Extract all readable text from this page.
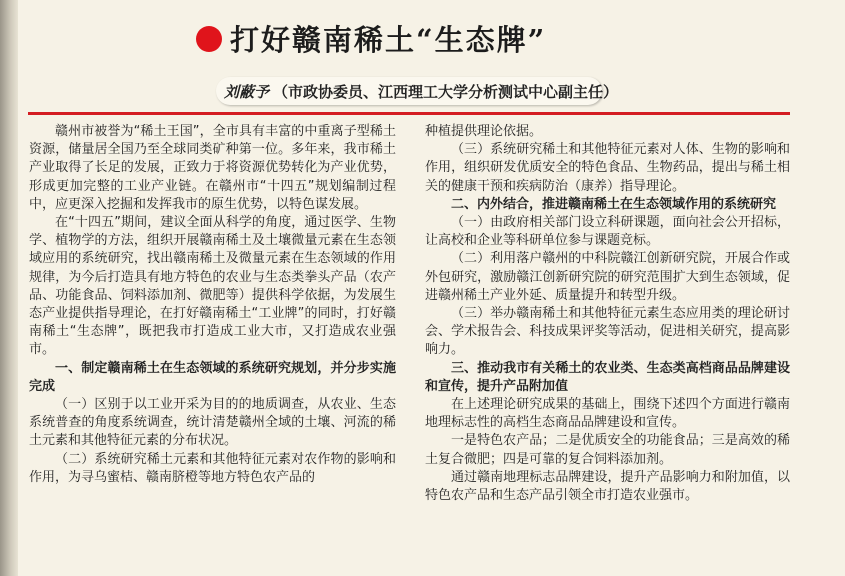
打好赣南稀土“生态牌”
刘蔽予 （市政协委员、江西理工大学分析测试中心副主任）

赣州市被誉为“稀土王国”，全市具有丰富的中重离子型稀土资源，储量居全国乃至全球同类矿种第一位。多年来，我市稀土产业取得了长足的发展，正致力于将资源优势转化为产业优势，形成更加完整的工业产业链。在赣州市“十四五”规划编制过程中，应更深入挖掘和发挥我市的原生优势，以特色谋发展。

在“十四五”期间，建议全面从科学的角度，通过医学、生物学、植物学的方法，组织开展赣南稀土及土壤微量元素在生态领域应用的系统研究，找出赣南稀土及微量元素在生态领域的作用规律，为今后打造具有地方特色的农业与生态类拳头产品（农产品、功能食品、饲料添加剂、微肥等）提供科学依据，为发展生态产业提供指导理论，在打好赣南稀土“工业牌”的同时，打好赣南稀土“生态牌”，既把我市打造成工业大市，又打造成农业强市。

一、制定赣南稀土在生态领域的系统研究规划，并分步实施完成

（一）区别于以工业开采为目的的地质调查，从农业、生态系统普查的角度系统调查，统计清楚赣州全域的土壤、河流的稀土元素和其他特征元素的分布状况。

（二）系统研究稀土元素和其他特征元素对农作物的影响和作用，为寻乌蜜桔、赣南脐橙等地方特色农产品的

种植提供理论依据。

（三）系统研究稀土和其他特征元素对人体、生物的影响和作用，组织研发优质安全的特色食品、生物药品，提出与稀土相关的健康干预和疾病防治（康养）指导理论。

二、内外结合，推进赣南稀土在生态领域作用的系统研究

（一）由政府相关部门设立科研课题，面向社会公开招标，让高校和企业等科研单位参与课题竞标。

（二）利用落户赣州的中科院赣江创新研究院，开展合作或外包研究，激励赣江创新研究院的研究范围扩大到生态领域，促进赣州稀土产业外延、质量提升和转型升级。

（三）举办赣南稀土和其他特征元素生态应用类的理论研讨会、学术报告会、科技成果评奖等活动，促进相关研究，提高影响力。

三、推动我市有关稀土的农业类、生态类高档商品品牌建设和宣传，提升产品附加值

在上述理论研究成果的基础上，围绕下述四个方面进行赣南地理标志性的高档生态商品品牌建设和宣传。

一是特色农产品；二是优质安全的功能食品；三是高效的稀土复合微肥；四是可靠的复合饲料添加剂。

通过赣南地理标志品牌建设，提升产品影响力和附加值，以特色农产品和生态产品引领全市打造农业强市。
